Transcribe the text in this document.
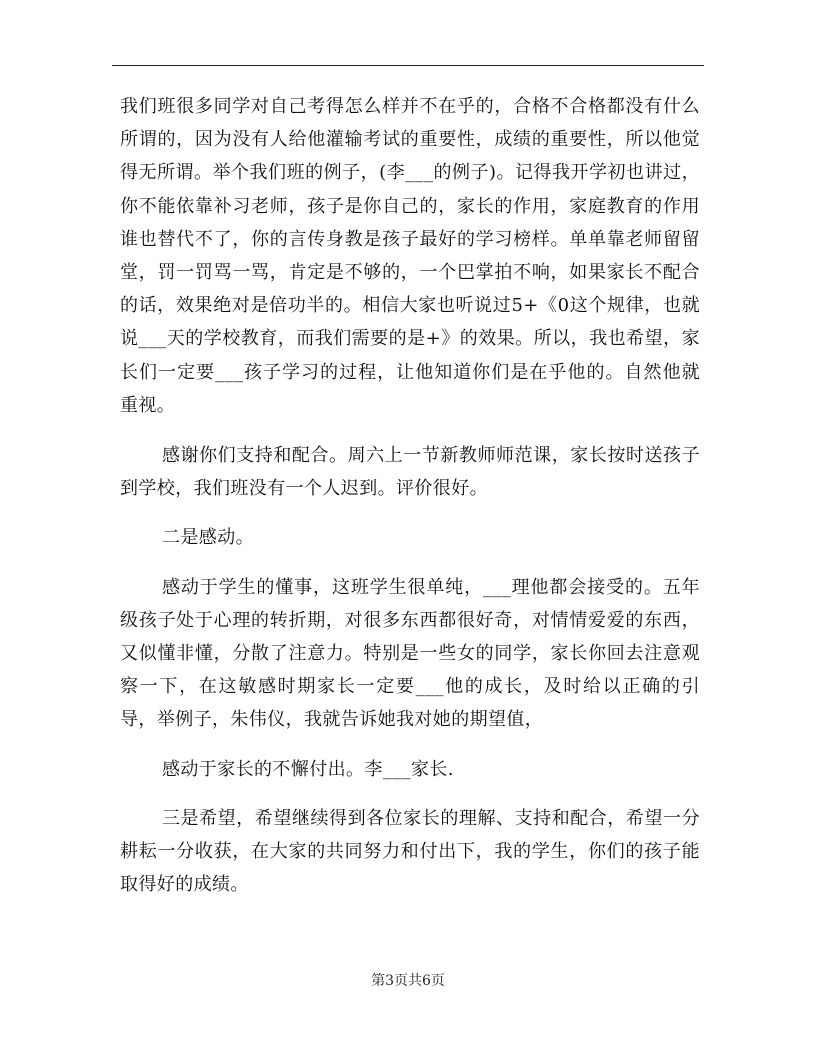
我们班很多同学对自己考得怎么样并不在乎的，合格不合格都没有什么所谓的，因为没有人给他灌输考试的重要性，成绩的重要性，所以他觉得无所谓。举个我们班的例子，(李___的例子)。记得我开学初也讲过，你不能依靠补习老师，孩子是你自己的，家长的作用，家庭教育的作用谁也替代不了，你的言传身教是孩子最好的学习榜样。单单靠老师留留堂，罚一罚骂一骂，肯定是不够的，一个巴掌拍不响，如果家长不配合的话，效果绝对是倍功半的。相信大家也听说过5+《0这个规律，也就说___天的学校教育，而我们需要的是+》的效果。所以，我也希望，家长们一定要___孩子学习的过程，让他知道你们是在乎他的。自然他就重视。

感谢你们支持和配合。周六上一节新教师师范课，家长按时送孩子到学校，我们班没有一个人迟到。评价很好。

二是感动。

感动于学生的懂事，这班学生很单纯，___理他都会接受的。五年级孩子处于心理的转折期，对很多东西都很好奇，对情情爱爱的东西，又似懂非懂，分散了注意力。特别是一些女的同学，家长你回去注意观察一下，在这敏感时期家长一定要___他的成长，及时给以正确的引导，举例子，朱伟仪，我就告诉她我对她的期望值，

感动于家长的不懈付出。李___家长.

三是希望，希望继续得到各位家长的理解、支持和配合，希望一分耕耘一分收获，在大家的共同努力和付出下，我的学生，你们的孩子能取得好的成绩。

第3页共6页
